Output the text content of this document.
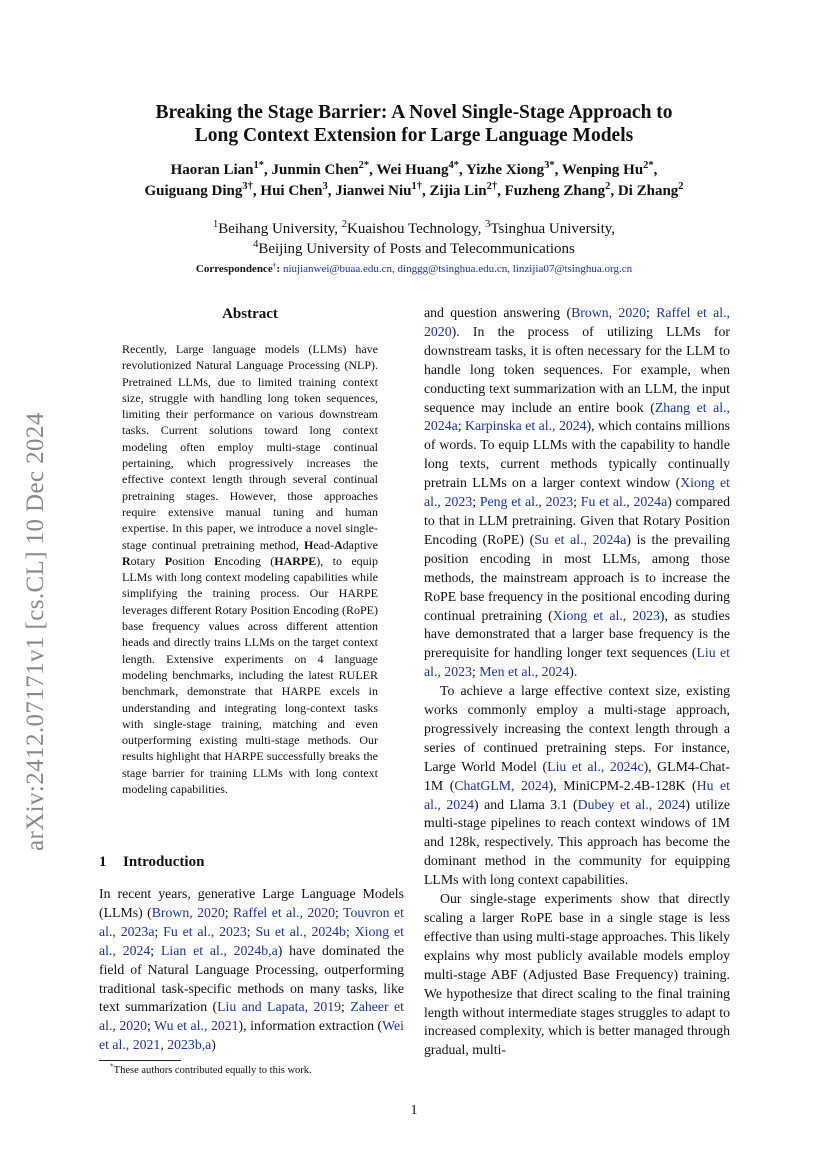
arXiv:2412.07171v1 [cs.CL] 10 Dec 2024
Breaking the Stage Barrier: A Novel Single-Stage Approach to
Long Context Extension for Large Language Models
Haoran Lian$^{1*}$, Junmin Chen$^{2*}$, Wei Huang$^{4*}$, Yizhe Xiong$^{3*}$, Wenping $Hu^{2*}$,
Guiguang Ding$^{3\dagger}$, Hui Chen$^3$, Jianwei Niu$^{1\dagger}$, Zijia Lin$^{2\dagger}$, Fuzheng Zhang$^2$, Di Zhang$^2$
$^1$Beihang University, $^2$Kuaishou Technology, $^3$Tsinghua University,
$^4$Beijing University of Posts and Telecommunications
Correspondence†: niujianwei@buaa.edu.cn, dinggg@tsinghua.edu.cn, linzijia07@tsinghua.org.cn
Abstract
Recently, Large language models (LLMs) have revolutionized Natural Language Processing (NLP). Pretrained LLMs, due to limited training context size, struggle with handling long token sequences, limiting their performance on various downstream tasks. Current solutions toward long context modeling often employ multi-stage continual pertaining, which progressively increases the effective context length through several continual pretraining stages. However, those approaches require extensive manual tuning and human expertise. In this paper, we introduce a novel single-stage continual pretraining method, Head-Adaptive Rotary Position Encoding (HARPE), to equip LLMs with long context modeling capabilities while simplifying the training process. Our HARPE leverages different Rotary Position Encoding (RoPE) base frequency values across different attention heads and directly trains LLMs on the target context length. Extensive experiments on 4 language modeling benchmarks, including the latest RULER benchmark, demonstrate that HARPE excels in understanding and integrating long-context tasks with single-stage training, matching and even outperforming existing multi-stage methods. Our results highlight that HARPE successfully breaks the stage barrier for training LLMs with long context modeling capabilities.
1 Introduction
In recent years, generative Large Language Models (LLMs) (Brown, 2020; Raffel et al., 2020; Touvron et al., 2023a; Fu et al., 2023; Su et al., 2024b; Xiong et al., 2024; Lian et al., 2024b,a) have dominated the field of Natural Language Processing, outperforming traditional task-specific methods on many tasks, like text summarization (Liu and Lapata, 2019; Zaheer et al., 2020; Wu et al., 2021), information extraction (Wei et al., 2021, 2023b,a)
*These authors contributed equally to this work.

and question answering (Brown, 2020; Raffel et al., 2020). In the process of utilizing LLMs for downstream tasks, it is often necessary for the LLM to handle long token sequences. For example, when conducting text summarization with an LLM, the input sequence may include an entire book (Zhang et al., 2024a; Karpinska et al., 2024), which contains millions of words. To equip LLMs with the capability to handle long texts, current methods typically continually pretrain LLMs on a larger context window (Xiong et al., 2023; Peng et al., 2023; Fu et al., 2024a) compared to that in LLM pretraining. Given that Rotary Position Encoding (RoPE) (Su et al., 2024a) is the prevailing position encoding in most LLMs, among those methods, the mainstream approach is to increase the RoPE base frequency in the positional encoding during continual pretraining (Xiong et al., 2023), as studies have demonstrated that a larger base frequency is the prerequisite for handling longer text sequences (Liu et al., 2023; Men et al., 2024).

To achieve a large effective context size, existing works commonly employ a multi-stage approach, progressively increasing the context length through a series of continued pretraining steps. For instance, Large World Model (Liu et al., 2024c), GLM4-Chat-1M (ChatGLM, 2024), MiniCPM-2.4B-128K (Hu et al., 2024) and Llama 3.1 (Dubey et al., 2024) utilize multi-stage pipelines to reach context windows of 1M and 128k, respectively. This approach has become the dominant method in the community for equipping LLMs with long context capabilities.

Our single-stage experiments show that directly scaling a larger RoPE base in a single stage is less effective than using multi-stage approaches. This likely explains why most publicly available models employ multi-stage ABF (Adjusted Base Frequency) training. We hypothesize that direct scaling to the final training length without intermediate stages struggles to adapt to increased complexity, which is better managed through gradual, multi-

1
